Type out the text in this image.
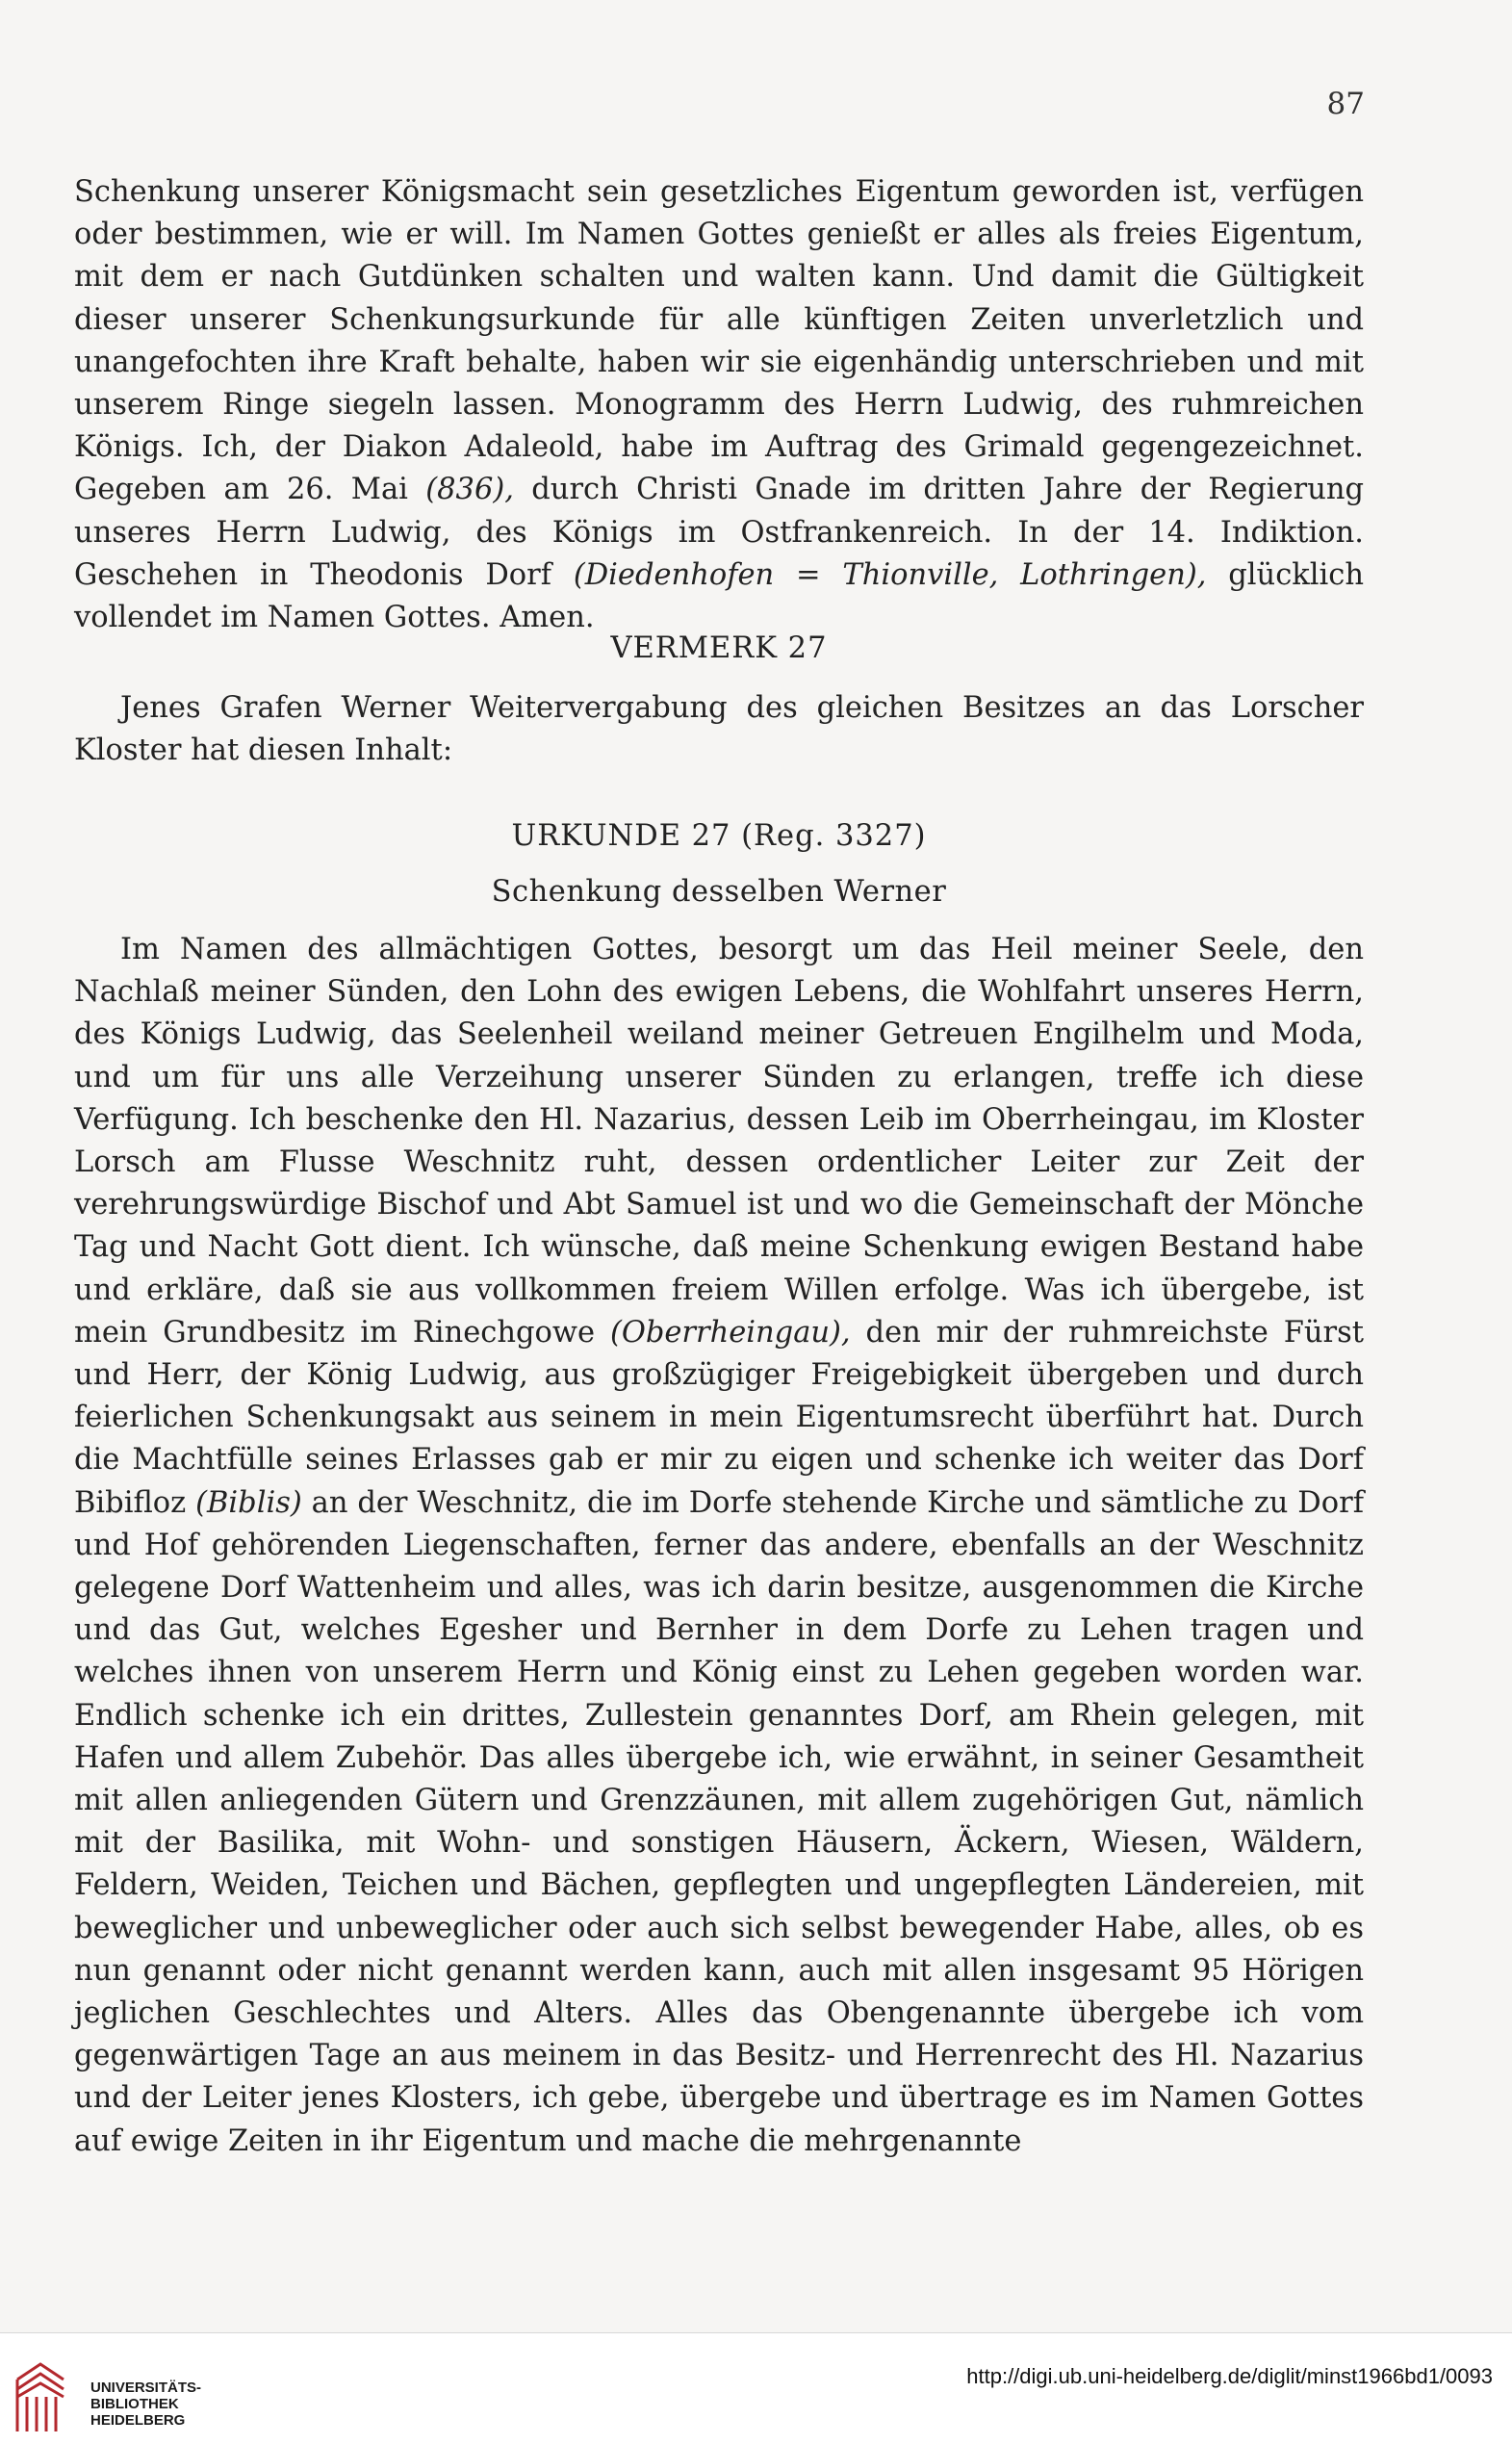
87

Schenkung unserer Königsmacht sein gesetzliches Eigentum geworden ist, verfügen oder bestimmen, wie er will. Im Namen Gottes genießt er alles als freies Eigentum, mit dem er nach Gutdünken schalten und walten kann. Und damit die Gültigkeit dieser unserer Schenkungsurkunde für alle künftigen Zeiten unverletzlich und unangefochten ihre Kraft behalte, haben wir sie eigenhändig unterschrieben und mit unserem Ringe siegeln lassen. Monogramm des Herrn Ludwig, des ruhmreichen Königs. Ich, der Diakon Adaleold, habe im Auftrag des Grimald gegengezeichnet. Gegeben am 26. Mai (836), durch Christi Gnade im dritten Jahre der Regierung unseres Herrn Ludwig, des Königs im Ostfrankenreich. In der 14. Indiktion. Geschehen in Theodonis Dorf (Diedenhofen = Thionville, Lothringen), glücklich vollendet im Namen Gottes. Amen.

VERMERK 27

Jenes Grafen Werner Weitervergabung des gleichen Besitzes an das Lorscher Kloster hat diesen Inhalt:

URKUNDE 27 (Reg. 3327)
Schenkung desselben Werner

Im Namen des allmächtigen Gottes, besorgt um das Heil meiner Seele, den Nachlaß meiner Sünden, den Lohn des ewigen Lebens, die Wohlfahrt unseres Herrn, des Königs Ludwig, das Seelenheil weiland meiner Getreuen Engilhelm und Moda, und um für uns alle Verzeihung unserer Sünden zu erlangen, treffe ich diese Verfügung. Ich beschenke den Hl. Nazarius, dessen Leib im Oberrheingau, im Kloster Lorsch am Flusse Weschnitz ruht, dessen ordentlicher Leiter zur Zeit der verehrungswürdige Bischof und Abt Samuel ist und wo die Gemeinschaft der Mönche Tag und Nacht Gott dient. Ich wünsche, daß meine Schenkung ewigen Bestand habe und erkläre, daß sie aus vollkommen freiem Willen erfolge. Was ich übergebe, ist mein Grundbesitz im Rinechgowe (Oberrheingau), den mir der ruhmreichste Fürst und Herr, der König Ludwig, aus großzügiger Freigebigkeit übergeben und durch feierlichen Schenkungsakt aus seinem in mein Eigentumsrecht überführt hat. Durch die Machtfülle seines Erlasses gab er mir zu eigen und schenke ich weiter das Dorf Bibifloz (Biblis) an der Weschnitz, die im Dorfe stehende Kirche und sämtliche zu Dorf und Hof gehörenden Liegenschaften, ferner das andere, ebenfalls an der Weschnitz gelegene Dorf Wattenheim und alles, was ich darin besitze, ausgenommen die Kirche und das Gut, welches Egesher und Bernher in dem Dorfe zu Lehen tragen und welches ihnen von unserem Herrn und König einst zu Lehen gegeben worden war. Endlich schenke ich ein drittes, Zullestein genanntes Dorf, am Rhein gelegen, mit Hafen und allem Zubehör. Das alles übergebe ich, wie erwähnt, in seiner Gesamtheit mit allen anliegenden Gütern und Grenzzäunen, mit allem zugehörigen Gut, nämlich mit der Basilika, mit Wohn- und sonstigen Häusern, Äckern, Wiesen, Wäldern, Feldern, Weiden, Teichen und Bächen, gepflegten und ungepflegten Ländereien, mit beweglicher und unbeweglicher oder auch sich selbst bewegender Habe, alles, ob es nun genannt oder nicht genannt werden kann, auch mit allen insgesamt 95 Hörigen jeglichen Geschlechtes und Alters. Alles das Obengenannte übergebe ich vom gegenwärtigen Tage an aus meinem in das Besitz- und Herrenrecht des Hl. Nazarius und der Leiter jenes Klosters, ich gebe, übergebe und übertrage es im Namen Gottes auf ewige Zeiten in ihr Eigentum und mache die mehrgenannte

UNIVERSITÄTS-
BIBLIOTHEK
HEIDELBERG
http://digi.ub.uni-heidelberg.de/diglit/minst1966bd1/0093
